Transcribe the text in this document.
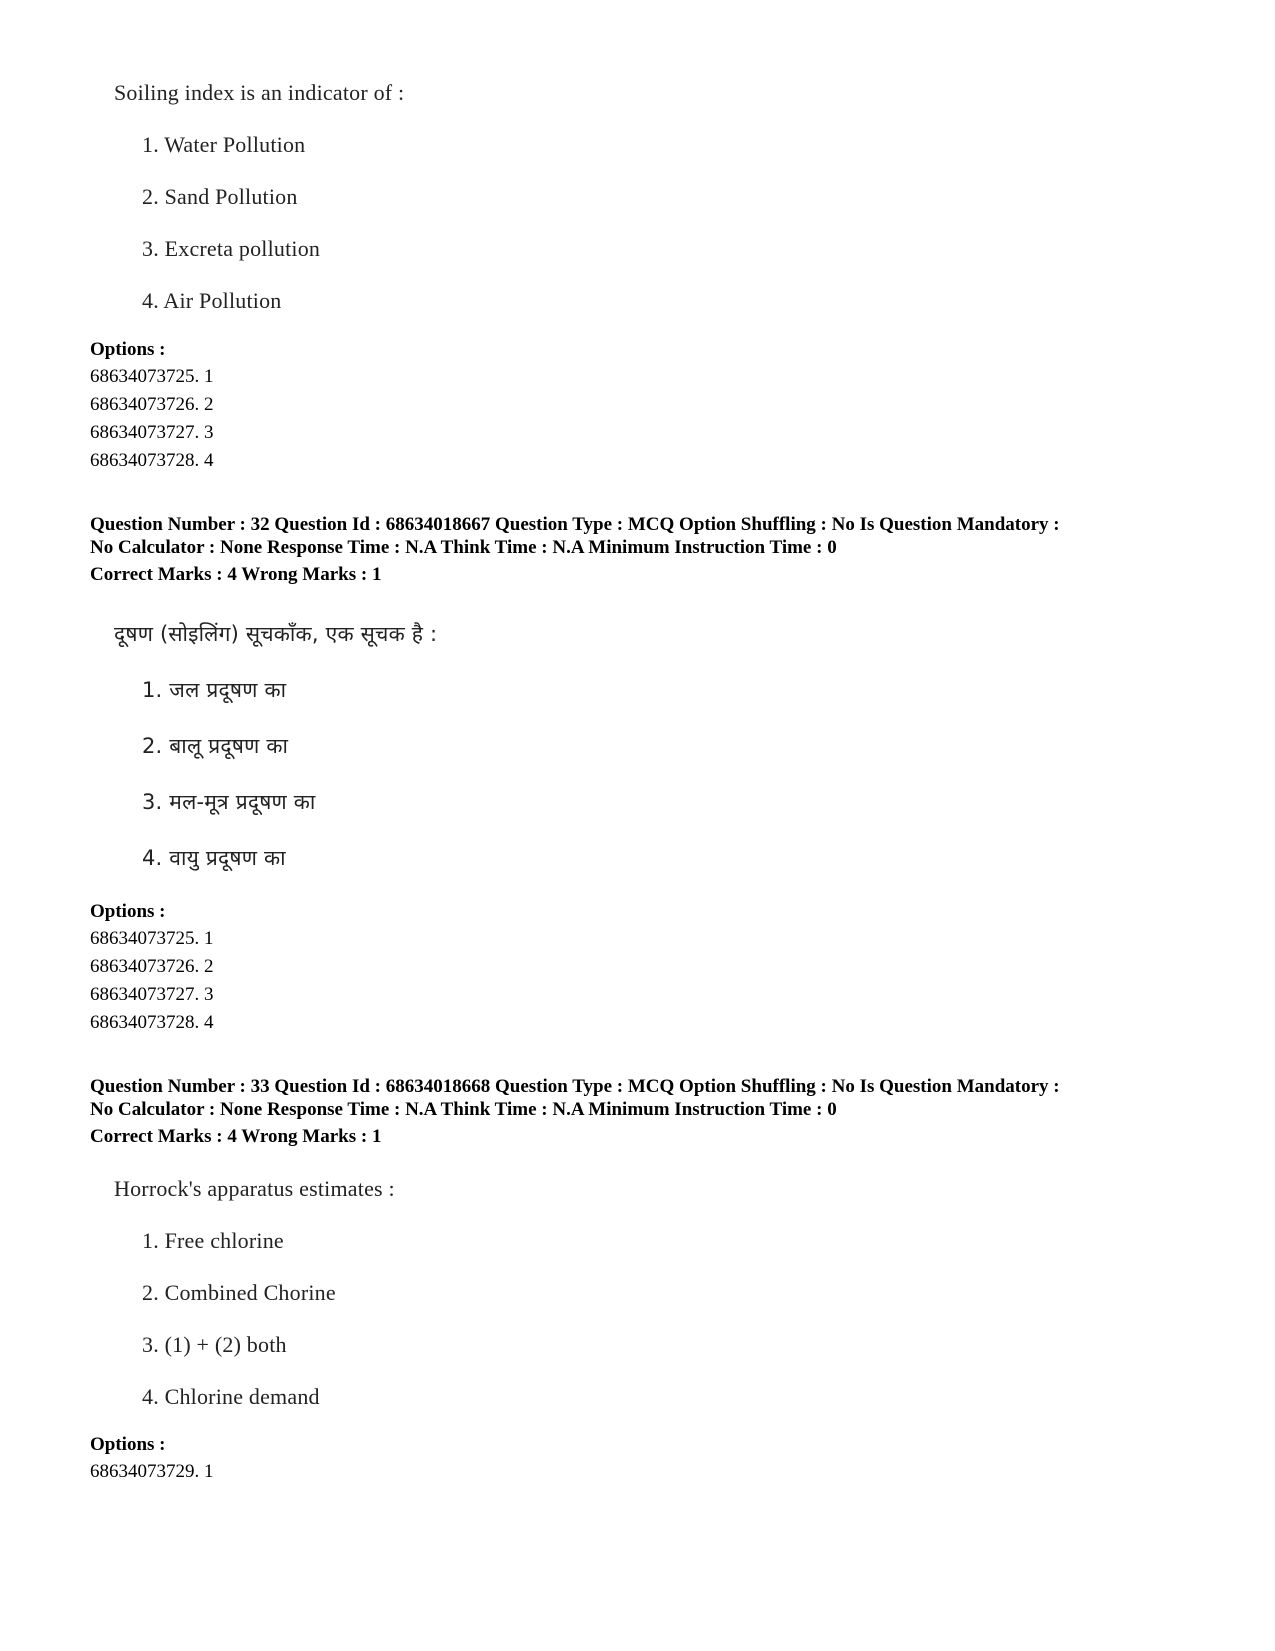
Soiling index is an indicator of :
1. Water Pollution
2. Sand Pollution
3. Excreta pollution
4. Air Pollution
Options :
68634073725. 1
68634073726. 2
68634073727. 3
68634073728. 4
Question Number : 32 Question Id : 68634018667 Question Type : MCQ Option Shuffling : No Is Question Mandatory :
No Calculator : None Response Time : N.A Think Time : N.A Minimum Instruction Time : 0
Correct Marks : 4 Wrong Marks : 1
दूषण (सोइलिंग) सूचकाँक, एक सूचक है :
1. जल प्रदूषण का
2. बालू प्रदूषण का
3. मल-मूत्र प्रदूषण का
4. वायु प्रदूषण का
Options :
68634073725. 1
68634073726. 2
68634073727. 3
68634073728. 4
Question Number : 33 Question Id : 68634018668 Question Type : MCQ Option Shuffling : No Is Question Mandatory :
No Calculator : None Response Time : N.A Think Time : N.A Minimum Instruction Time : 0
Correct Marks : 4 Wrong Marks : 1
Horrock's apparatus estimates :
1. Free chlorine
2. Combined Chorine
3. (1) + (2) both
4. Chlorine demand
Options :
68634073729. 1
